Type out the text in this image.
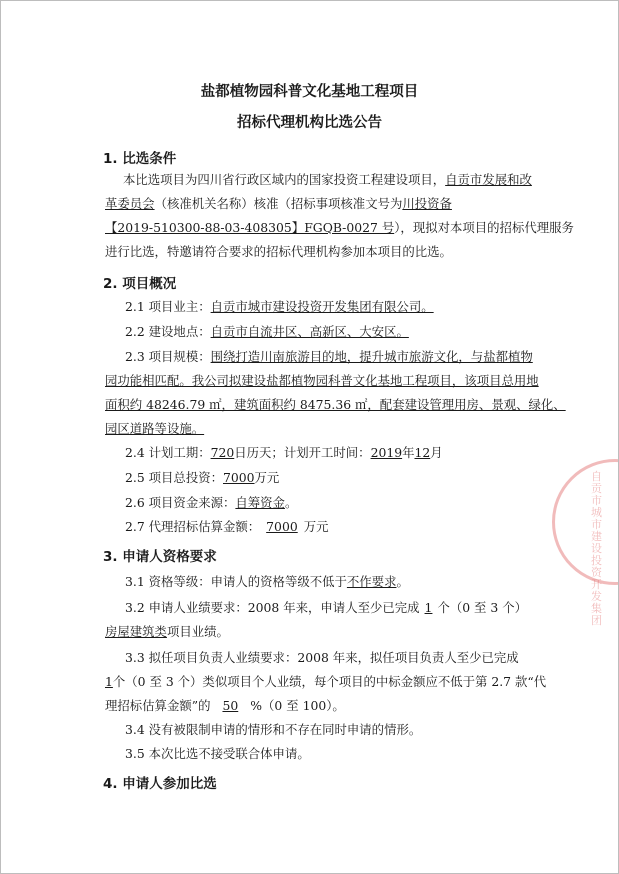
盐都植物园科普文化基地工程项目
招标代理机构比选公告
1. 比选条件
本比选项目为四川省行政区域内的国家投资工程建设项目，自贡市发展和改
革委员会（核准机关名称）核准（招标事项核准文号为川投资备
【2019-510300-88-03-408305】FGQB-0027 号），现拟对本项目的招标代理服务
进行比选，特邀请符合要求的招标代理机构参加本项目的比选。
2. 项目概况
2.1 项目业主：自贡市城市建设投资开发集团有限公司。
2.2 建设地点：自贡市自流井区、高新区、大安区。
2.3 项目规模：围绕打造川南旅游目的地，提升城市旅游文化，与盐都植物
园功能相匹配。我公司拟建设盐都植物园科普文化基地工程项目，该项目总用地
面积约 48246.79 ㎡，建筑面积约 8475.36 ㎡，配套建设管理用房、景观、绿化、
园区道路等设施。
2.4 计划工期：720日历天；计划开工时间：2019年12月
2.5 项目总投资：7000万元
2.6 项目资金来源：自筹资金。
2.7 代理招标估算金额： 7000 万元
3. 申请人资格要求
3.1 资格等级：申请人的资格等级不低于不作要求。
3.2 申请人业绩要求：2008 年来，申请人至少已完成 1 个（0 至 3 个）
房屋建筑类项目业绩。
3.3 拟任项目负责人业绩要求：2008 年来，拟任项目负责人至少已完成
1个（0 至 3 个）类似项目个人业绩，每个项目的中标金额应不低于第 2.7 款“代
理招标估算金额”的 50 %（0 至 100）。
3.4 没有被限制申请的情形和不存在同时申请的情形。
3.5 本次比选不接受联合体申请。
4. 申请人参加比选
自贡市城市建设投资开发集团
